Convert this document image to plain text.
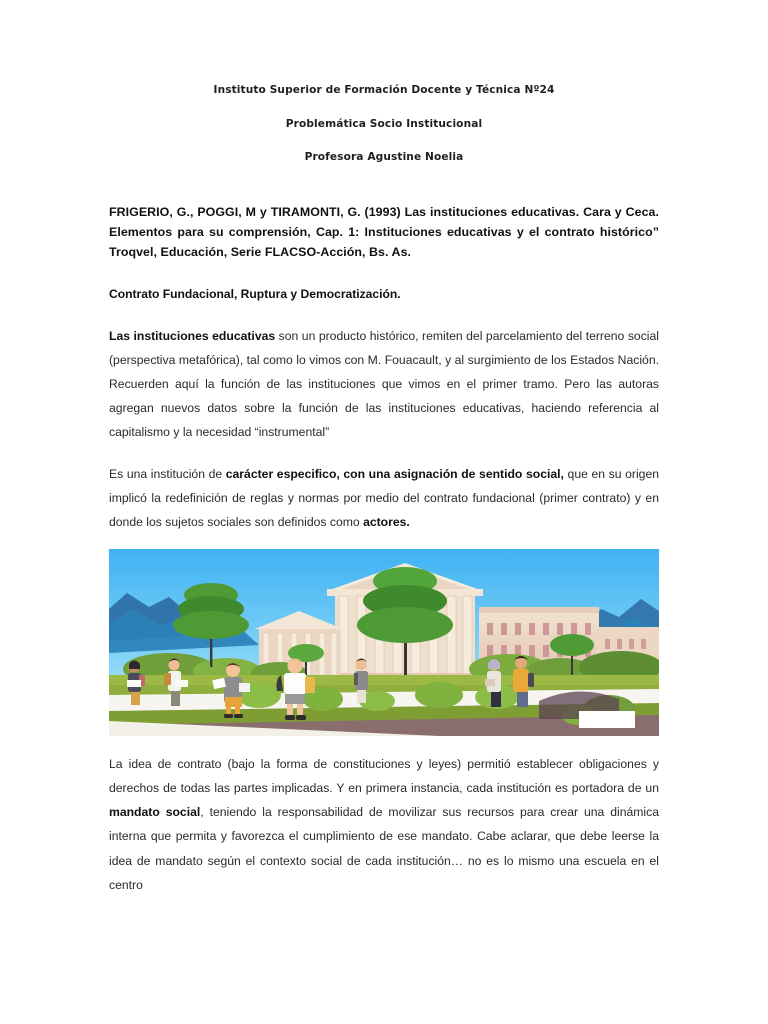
Instituto Superior de Formación Docente y Técnica Nº24
Problemática Socio Institucional
Profesora Agustine Noelia
FRIGERIO, G., POGGI, M y TIRAMONTI, G. (1993) Las instituciones educativas. Cara y Ceca. Elementos para su comprensión, Cap. 1: Instituciones educativas y el contrato histórico” Troqvel, Educación, Serie FLACSO-Acción, Bs. As.
Contrato Fundacional, Ruptura y Democratización.
Las instituciones educativas son un producto histórico, remiten del parcelamiento del terreno social (perspectiva metafórica), tal como lo vimos con M. Fouacault, y al surgimiento de los Estados Nación. Recuerden aquí la función de las instituciones que vimos en el primer tramo. Pero las autoras agregan nuevos datos sobre la función de las instituciones educativas, haciendo referencia al capitalismo y la necesidad “instrumental”
Es una institución de carácter especifico, con una asignación de sentido social, que en su origen implicó la redefinición de reglas y normas por medio del contrato fundacional (primer contrato) y en donde los sujetos sociales son definidos como actores.
La idea de contrato (bajo la forma de constituciones y leyes) permitió establecer obligaciones y derechos de todas las partes implicadas. Y en primera instancia, cada institución es portadora de un mandato social, teniendo la responsabilidad de movilizar sus recursos para crear una dinámica interna que permita y favorezca el cumplimiento de ese mandato. Cabe aclarar, que debe leerse la idea de mandato según el contexto social de cada institución… no es lo mismo una escuela en el centro
